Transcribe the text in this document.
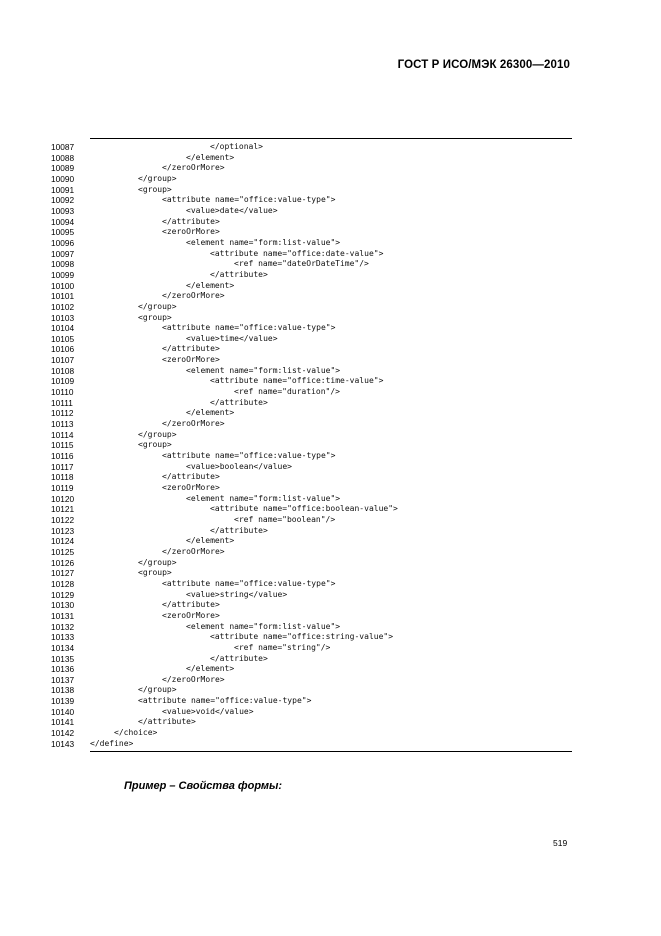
ГОСТ Р ИСО/МЭК 26300—2010
10087	</optional>
10088	</element>
10089	</zeroOrMore>
10090	</group>
10091	<group>
10092	<attribute name="office:value-type">
10093	<value>date</value>
10094	</attribute>
10095	<zeroOrMore>
10096	<element name="form:list-value">
10097	<attribute name="office:date-value">
10098	<ref name="dateOrDateTime"/>
10099	</attribute>
10100	</element>
10101	</zeroOrMore>
10102	</group>
10103	<group>
10104	<attribute name="office:value-type">
10105	<value>time</value>
10106	</attribute>
10107	<zeroOrMore>
10108	<element name="form:list-value">
10109	<attribute name="office:time-value">
10110	<ref name="duration"/>
10111	</attribute>
10112	</element>
10113	</zeroOrMore>
10114	</group>
10115	<group>
10116	<attribute name="office:value-type">
10117	<value>boolean</value>
10118	</attribute>
10119	<zeroOrMore>
10120	<element name="form:list-value">
10121	<attribute name="office:boolean-value">
10122	<ref name="boolean"/>
10123	</attribute>
10124	</element>
10125	</zeroOrMore>
10126	</group>
10127	<group>
10128	<attribute name="office:value-type">
10129	<value>string</value>
10130	</attribute>
10131	<zeroOrMore>
10132	<element name="form:list-value">
10133	<attribute name="office:string-value">
10134	<ref name="string"/>
10135	</attribute>
10136	</element>
10137	</zeroOrMore>
10138	</group>
10139	<attribute name="office:value-type">
10140	<value>void</value>
10141	</attribute>
10142	</choice>
10143 </define>
Пример – Свойства формы:
519
